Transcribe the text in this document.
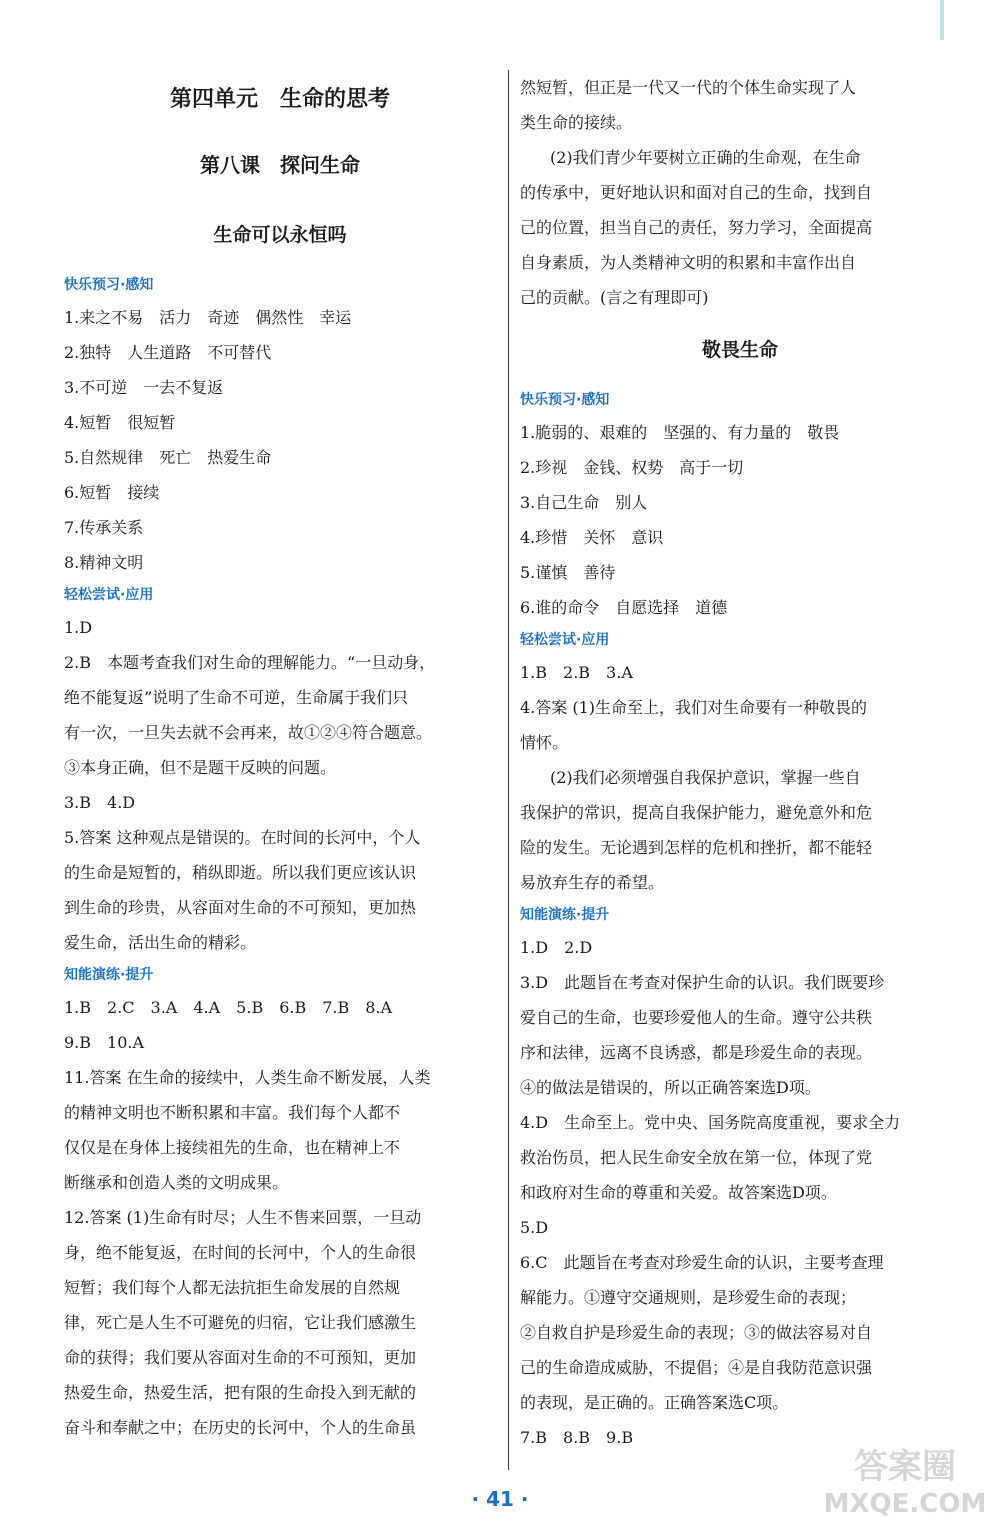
第四单元　生命的思考
第八课　探问生命
生命可以永恒吗
快乐预习·感知
1.来之不易　活力　奇迹　偶然性　幸运
2.独特　人生道路　不可替代
3.不可逆　一去不复返
4.短暂　很短暂
5.自然规律　死亡　热爱生命
6.短暂　接续
7.传承关系
8.精神文明
轻松尝试·应用
1.D
2.B　本题考查我们对生命的理解能力。“一旦动身，
绝不能复返”说明了生命不可逆，生命属于我们只
有一次，一旦失去就不会再来，故①②④符合题意。
③本身正确，但不是题干反映的问题。
3.B　4.D
5.答案 这种观点是错误的。在时间的长河中，个人
的生命是短暂的，稍纵即逝。所以我们更应该认识
到生命的珍贵，从容面对生命的不可预知，更加热
爱生命，活出生命的精彩。
知能演练·提升
1.B　2.C　3.A　4.A　5.B　6.B　7.B　8.A
9.B　10.A
11.答案 在生命的接续中，人类生命不断发展，人类
的精神文明也不断积累和丰富。我们每个人都不
仅仅是在身体上接续祖先的生命，也在精神上不
断继承和创造人类的文明成果。
12.答案 (1)生命有时尽；人生不售来回票，一旦动
身，绝不能复返，在时间的长河中，个人的生命很
短暂；我们每个人都无法抗拒生命发展的自然规
律，死亡是人生不可避免的归宿，它让我们感激生
命的获得；我们要从容面对生命的不可预知，更加
热爱生命，热爱生活，把有限的生命投入到无献的
奋斗和奉献之中；在历史的长河中，个人的生命虽
然短暂，但正是一代又一代的个体生命实现了人
类生命的接续。
(2)我们青少年要树立正确的生命观，在生命
的传承中，更好地认识和面对自己的生命，找到自
己的位置，担当自己的责任，努力学习，全面提高
自身素质，为人类精神文明的积累和丰富作出自
己的贡献。(言之有理即可)
敬畏生命
快乐预习·感知
1.脆弱的、艰难的　坚强的、有力量的　敬畏
2.珍视　金钱、权势　高于一切
3.自己生命　别人
4.珍惜　关怀　意识
5.谨慎　善待
6.谁的命令　自愿选择　道德
轻松尝试·应用
1.B　2.B　3.A
4.答案 (1)生命至上，我们对生命要有一种敬畏的
情怀。
(2)我们必须增强自我保护意识，掌握一些自
我保护的常识，提高自我保护能力，避免意外和危
险的发生。无论遇到怎样的危机和挫折，都不能轻
易放弃生存的希望。
知能演练·提升
1.D　2.D
3.D　此题旨在考查对保护生命的认识。我们既要珍
爱自己的生命，也要珍爱他人的生命。遵守公共秩
序和法律，远离不良诱惑，都是珍爱生命的表现。
④的做法是错误的，所以正确答案选D项。
4.D　生命至上。党中央、国务院高度重视，要求全力
救治伤员，把人民生命安全放在第一位，体现了党
和政府对生命的尊重和关爱。故答案选D项。
5.D
6.C　此题旨在考查对珍爱生命的认识，主要考查理
解能力。①遵守交通规则，是珍爱生命的表现；
②自救自护是珍爱生命的表现；③的做法容易对自
己的生命造成威胁，不提倡；④是自我防范意识强
的表现，是正确的。正确答案选C项。
7.B　8.B　9.B
· 41 ·
答案圈
MXQE.COM
